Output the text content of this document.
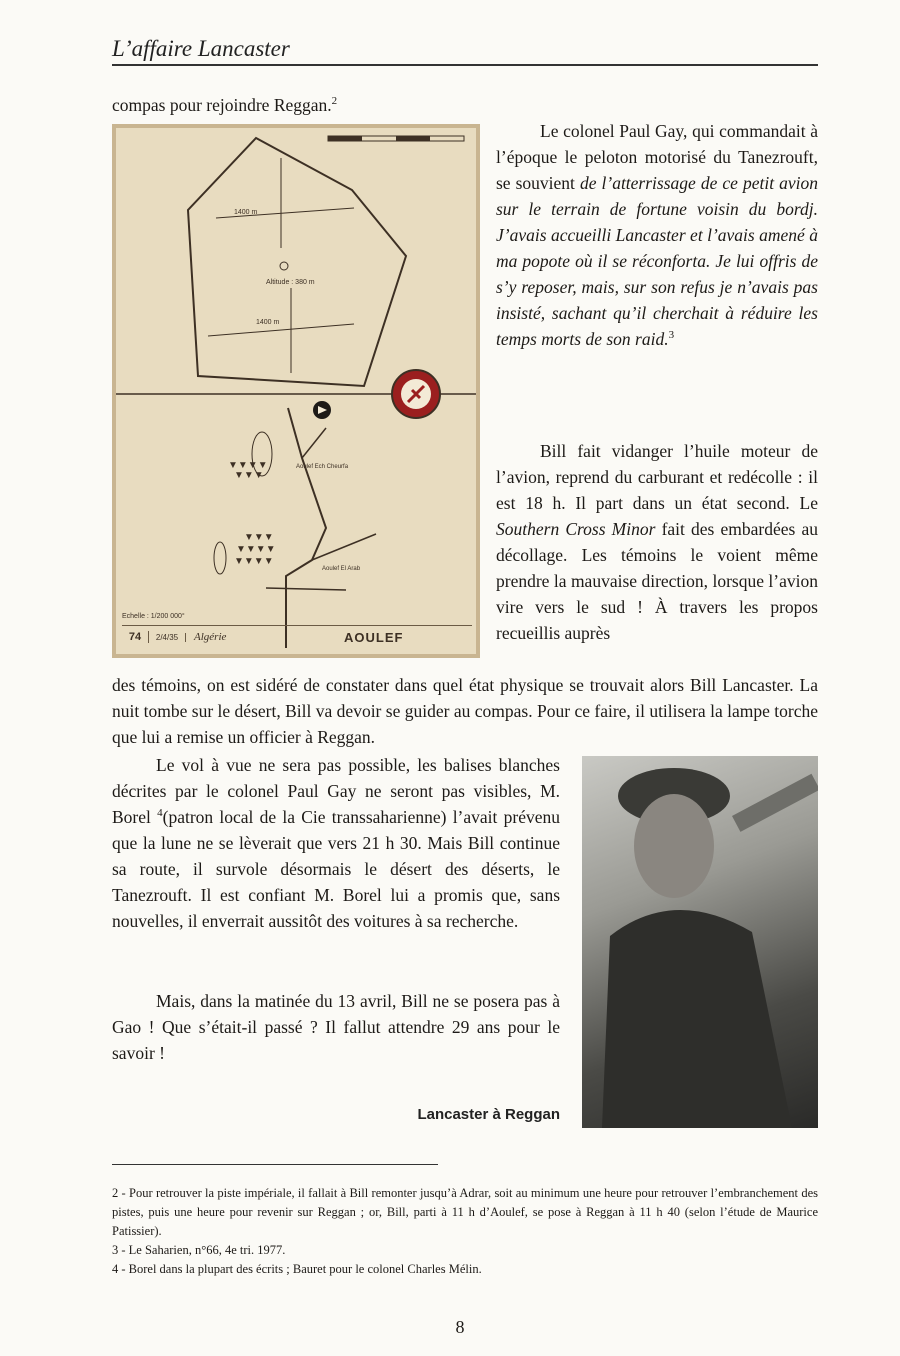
L’affaire Lancaster

compas pour rejoindre Reggan.$^2$

1400 m
1400 m
Altitude : 380 m
▼▼▼▼
▼▼▼
▼▼▼
▼▼▼▼
▼▼▼▼
Aoulef Ech Cheurfa
Aoulef El Arab
Echelle : 1/200 000°
74	2/4/35	Algérie	AOULEF

Le colonel Paul Gay, qui commandait à l’époque le peloton motorisé du Tanezrouft, se souvient de l’atterrissage de ce petit avion sur le terrain de fortune voisin du bordj. J’avais accueilli Lancaster et l’avais amené à ma popote où il se réconforta. Je lui offris de s’y reposer, mais, sur son refus je n’avais pas insisté, sachant qu’il cherchait à réduire les temps morts de son raid.$^3$

Bill fait vidanger l’huile moteur de l’avion, reprend du carburant et redécolle : il est 18 h. Il part dans un état second. Le Southern Cross Minor fait des embardées au décollage. Les témoins le voient même prendre la mauvaise direction, lorsque l’avion vire vers le sud ! À travers les propos recueillis auprès

des témoins, on est sidéré de constater dans quel état physique se trouvait alors Bill Lancaster. La nuit tombe sur le désert, Bill va devoir se guider au compas. Pour ce faire, il utilisera la lampe torche que lui a remise un officier à Reggan.

Le vol à vue ne sera pas possible, les balises blanches décrites par le colonel Paul Gay ne seront pas visibles, M. Borel $^4$(patron local de la Cie transsaharienne) l’avait prévenu que la lune ne se lèverait que vers 21 h 30. Mais Bill continue sa route, il survole désormais le désert des déserts, le Tanezrouft. Il est confiant M. Borel lui a promis que, sans nouvelles, il enverrait aussitôt des voitures à sa recherche.

Mais, dans la matinée du 13 avril, Bill ne se posera pas à Gao ! Que s’était-il passé ? Il fallut attendre 29 ans pour le savoir !

Lancaster à Reggan
2 - Pour retrouver la piste impériale, il fallait à Bill remonter jusqu’à Adrar, soit au minimum une heure pour retrouver l’embranchement des pistes, puis une heure pour revenir sur Reggan ; or, Bill, parti à 11 h d’Aoulef, se pose à Reggan à 11 h 40 (selon l’étude de Maurice Patissier).
3 - Le Saharien, n°66, 4e tri. 1977.
4 - Borel dans la plupart des écrits ; Bauret pour le colonel Charles Mélin.
8
